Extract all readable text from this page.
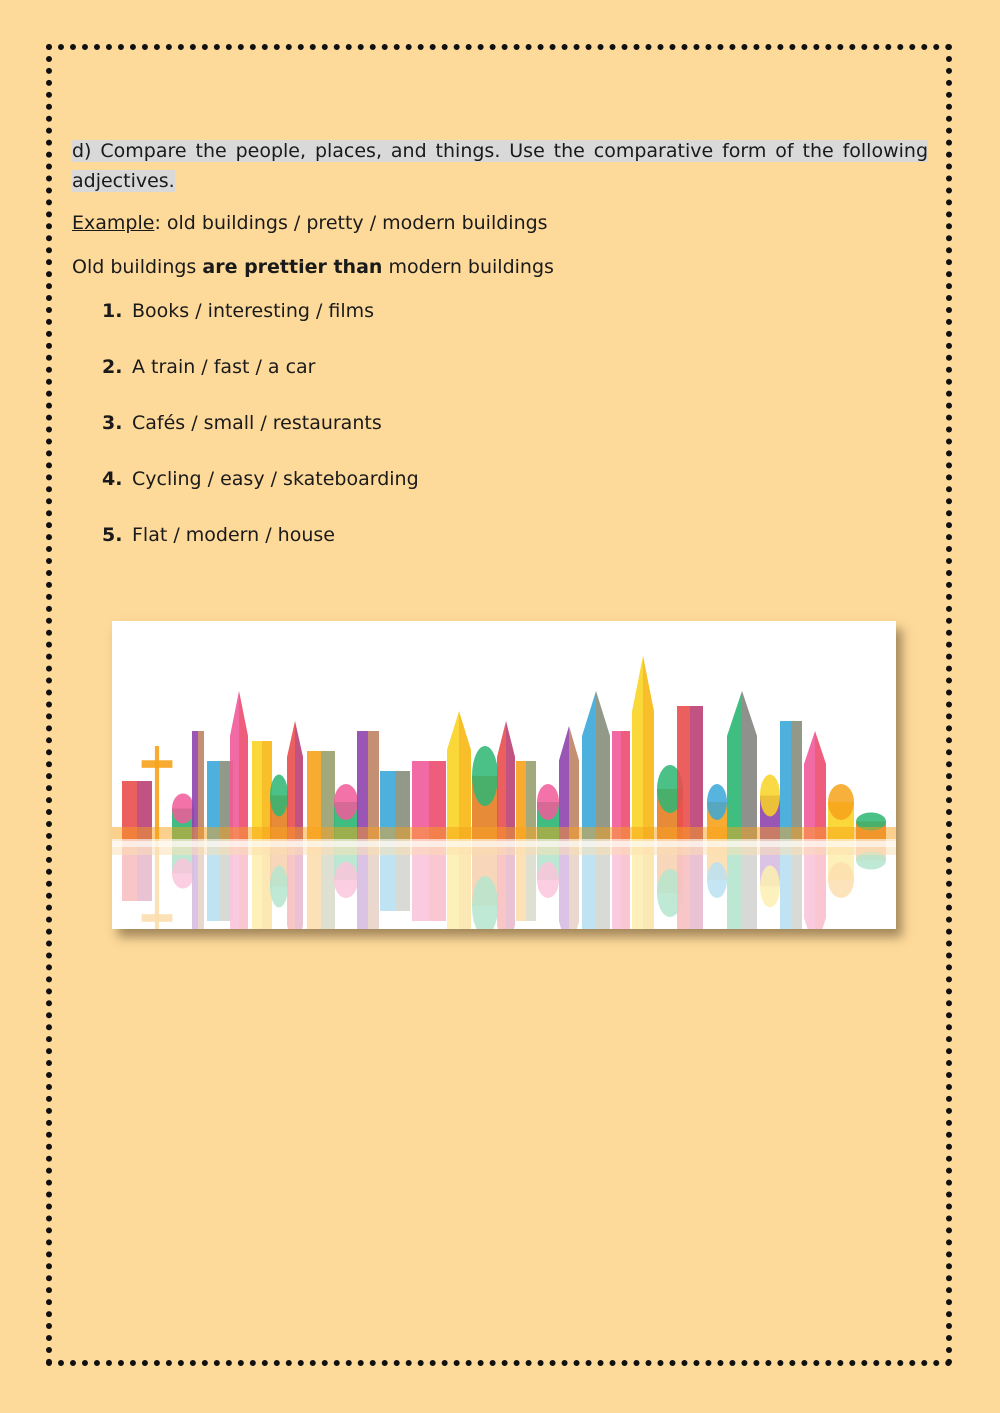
d) Compare the people, places, and things. Use the comparative form of the following adjectives.

Example: old buildings / pretty / modern buildings

Old buildings are prettier than modern buildings

1. Books / interesting / films
2. A train / fast / a car
3. Cafés / small / restaurants
4. Cycling / easy / skateboarding
5. Flat / modern / house
